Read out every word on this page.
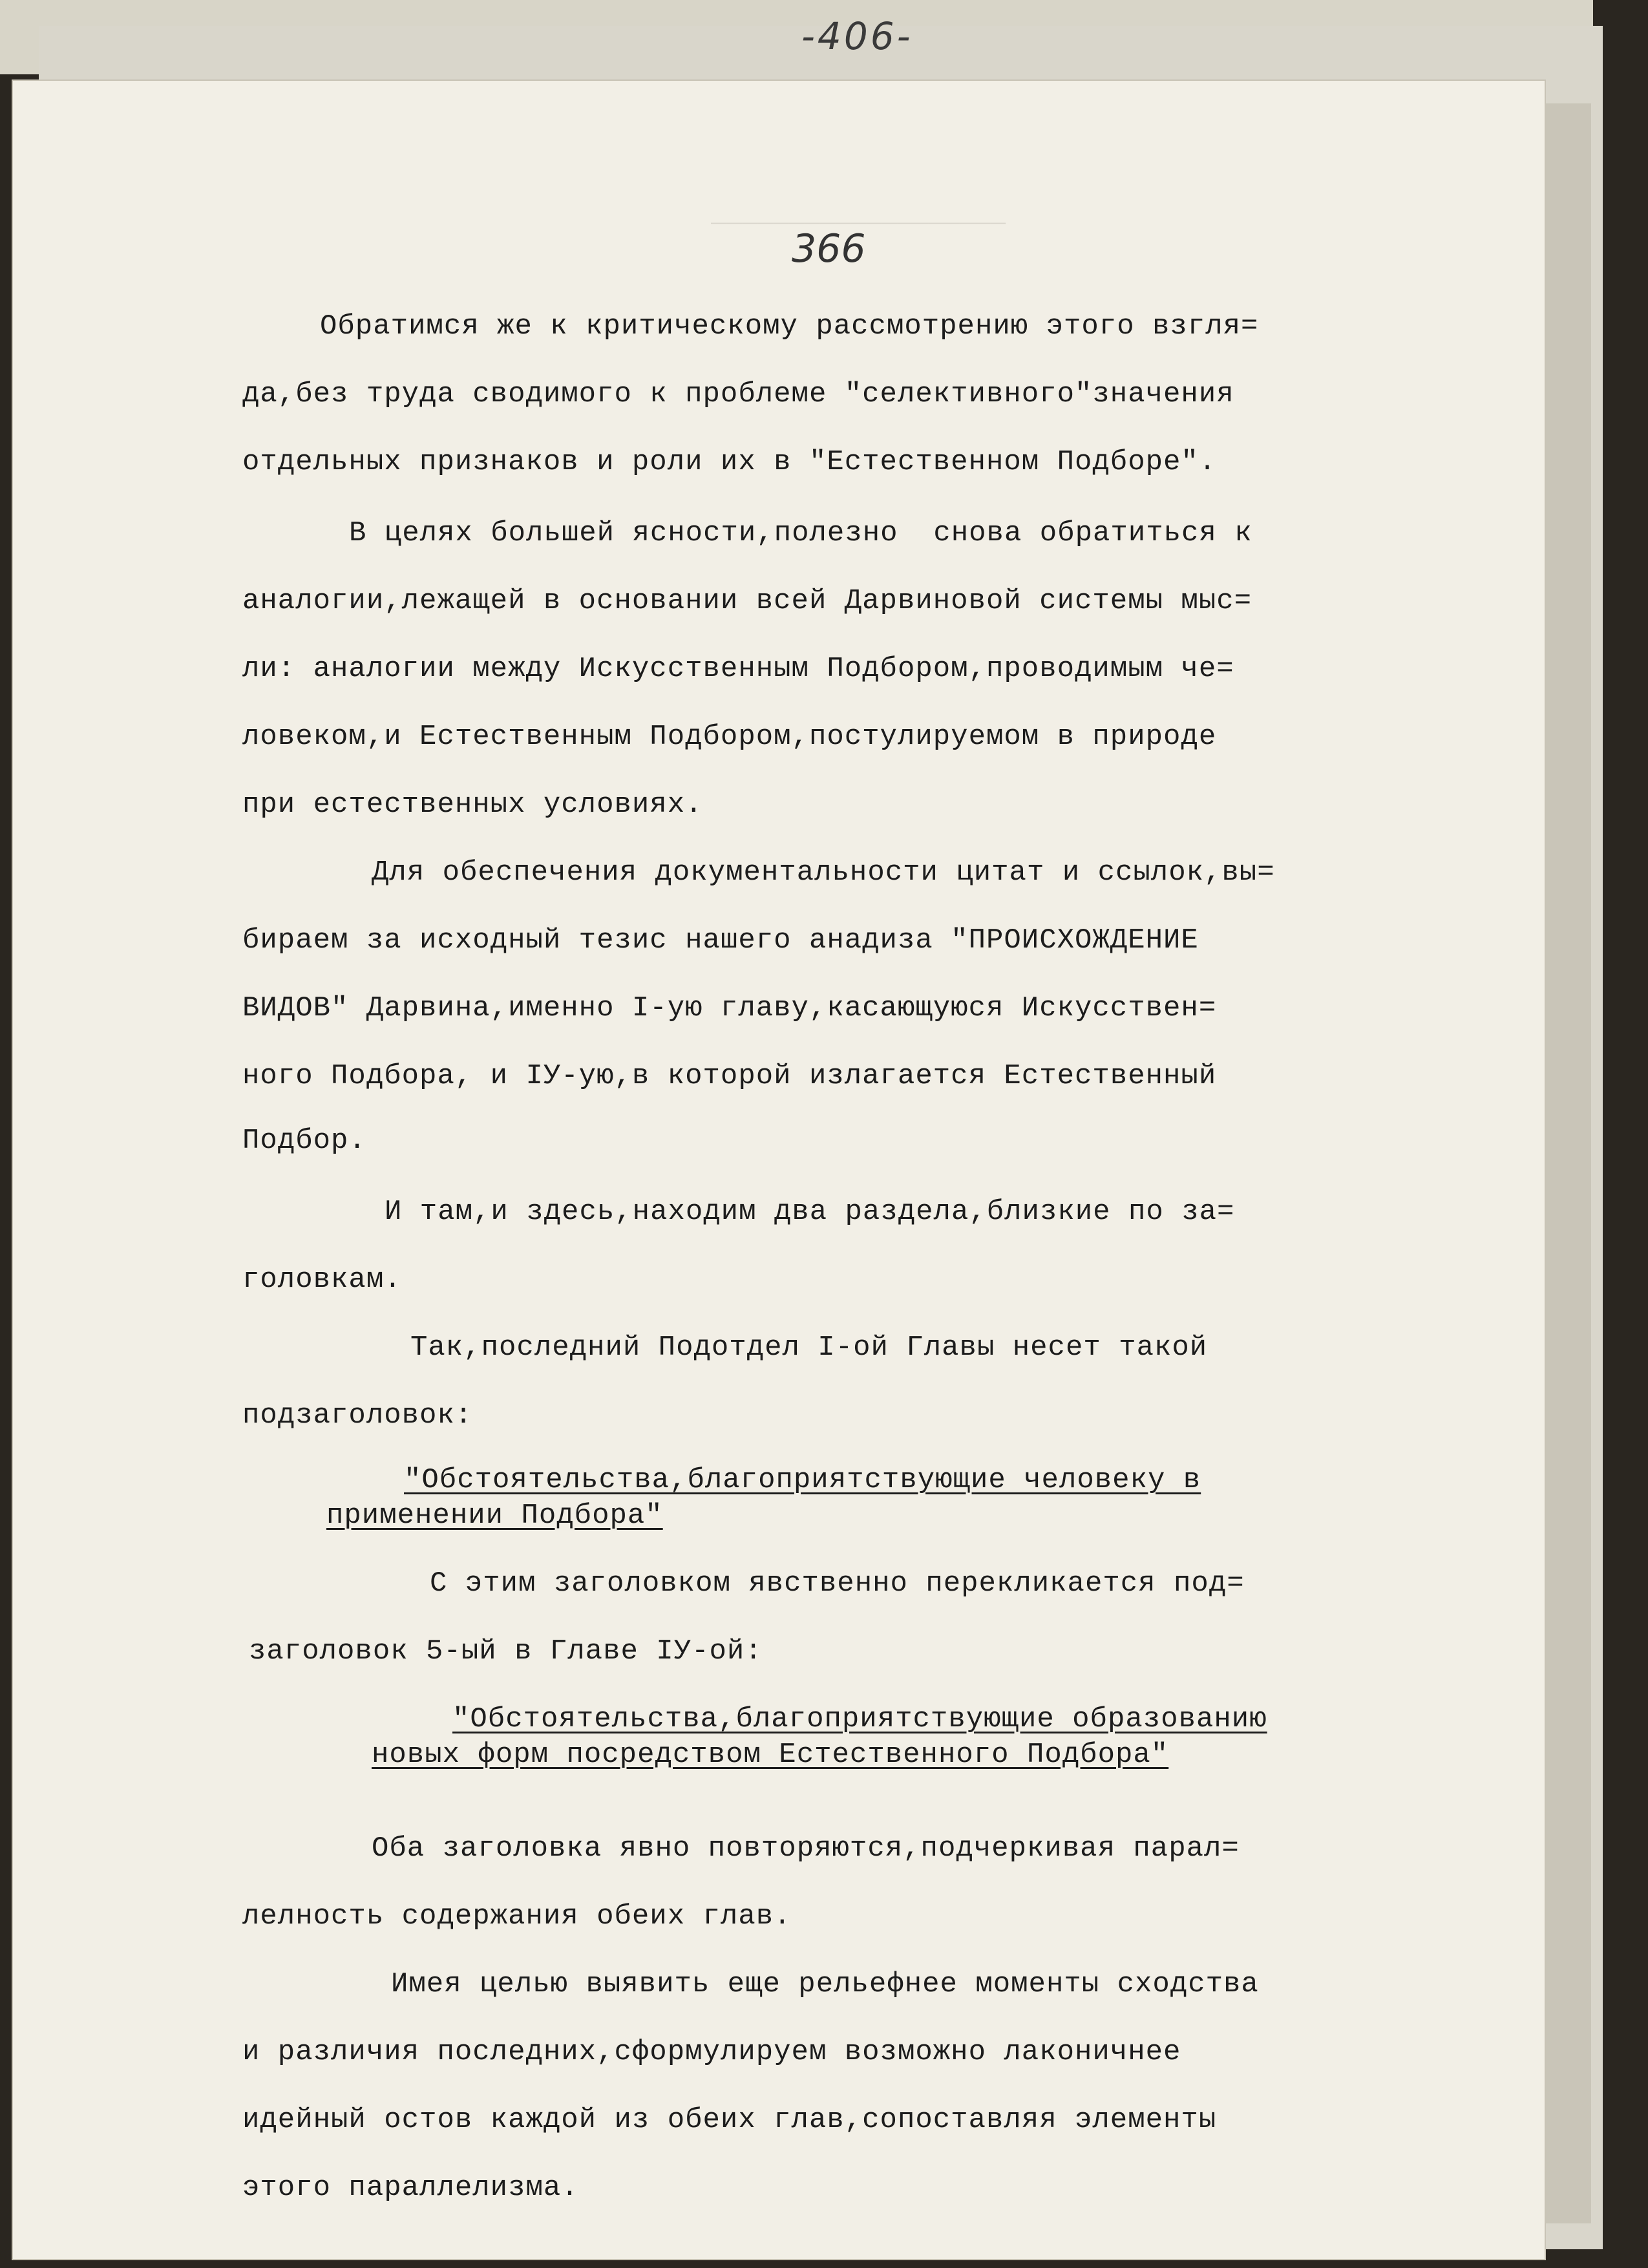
-406-
___________________
366
Обратимся же к критическому рассмотрению этого взгля=
да,без труда сводимого к проблеме "селективного"значения
отдельных признаков и роли их в "Естественном Подборе".
В целях большей ясности,полезно  снова обратиться к
аналогии,лежащей в основании всей Дарвиновой системы мыс=
ли: аналогии между Искусственным Подбором,проводимым че=
ловеком,и Естественным Подбором,постулируемом в природе
при естественных условиях.
Для обеспечения документальности цитат и ссылок,вы=
бираем за исходный тезис нашего анадиза "ПРОИСХОЖДЕНИЕ
ВИДОВ" Дарвина,именно I-ую главу,касающуюся Искусствен=
ного Подбора, и IУ-ую,в которой излагается Естественный
Подбор.
И там,и здесь,находим два раздела,близкие по за=
головкам.
Так,последний Подотдел I-ой Главы несет такой
подзаголовок:
"Обстоятельства,благоприятствующие человеку в
применении Подбора"
С этим заголовком явственно перекликается под=
заголовок 5-ый в Главе IУ-ой:
"Обстоятельства,благоприятствующие образованию
новых форм посредством Естественного Подбора"
Оба заголовка явно повторяются,подчеркивая парал=
лелность содержания обеих глав.
Имея целью выявить еще рельефнее моменты сходства
и различия последних,сформулируем возможно лаконичнее
идейный остов каждой из обеих глав,сопоставляя элементы
этого параллелизма.
